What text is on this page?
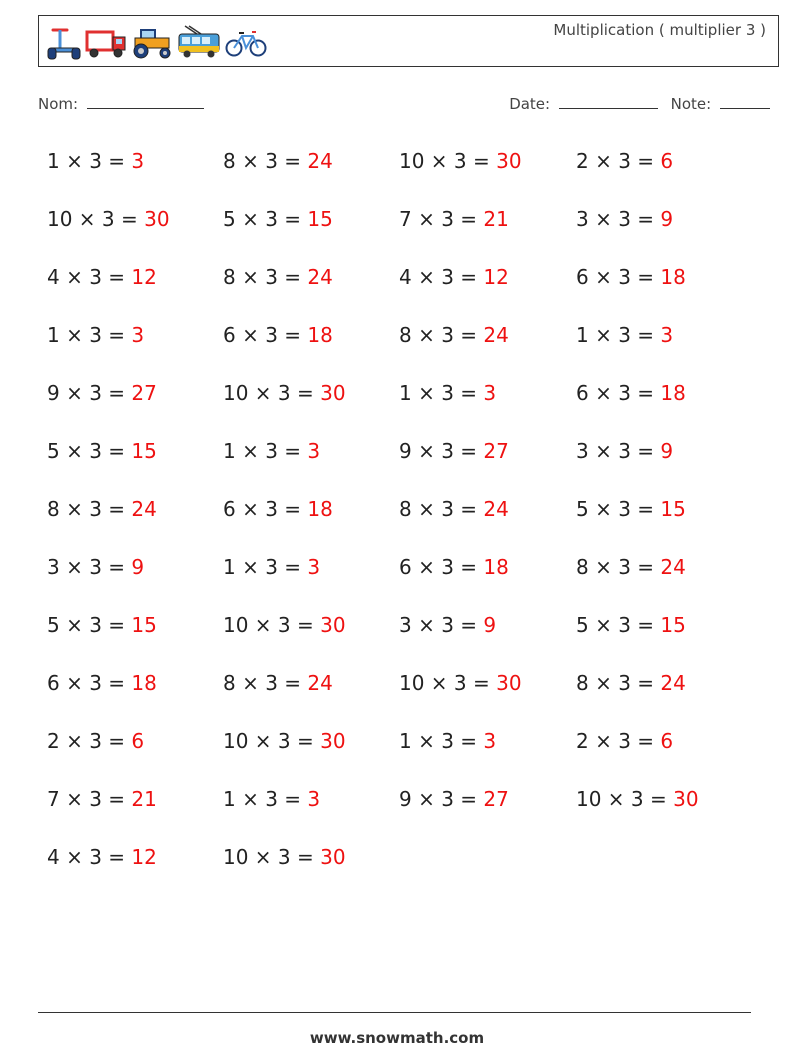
Multiplication ( multiplier 3 )
Nom:	Date:	Note:
1 × 3 = 3	8 × 3 = 24	10 × 3 = 30	2 × 3 = 6
10 × 3 = 30	5 × 3 = 15	7 × 3 = 21	3 × 3 = 9
4 × 3 = 12	8 × 3 = 24	4 × 3 = 12	6 × 3 = 18
1 × 3 = 3	6 × 3 = 18	8 × 3 = 24	1 × 3 = 3
9 × 3 = 27	10 × 3 = 30	1 × 3 = 3	6 × 3 = 18
5 × 3 = 15	1 × 3 = 3	9 × 3 = 27	3 × 3 = 9
8 × 3 = 24	6 × 3 = 18	8 × 3 = 24	5 × 3 = 15
3 × 3 = 9	1 × 3 = 3	6 × 3 = 18	8 × 3 = 24
5 × 3 = 15	10 × 3 = 30	3 × 3 = 9	5 × 3 = 15
6 × 3 = 18	8 × 3 = 24	10 × 3 = 30	8 × 3 = 24
2 × 3 = 6	10 × 3 = 30	1 × 3 = 3	2 × 3 = 6
7 × 3 = 21	1 × 3 = 3	9 × 3 = 27	10 × 3 = 30
4 × 3 = 12	10 × 3 = 30
www.snowmath.com
